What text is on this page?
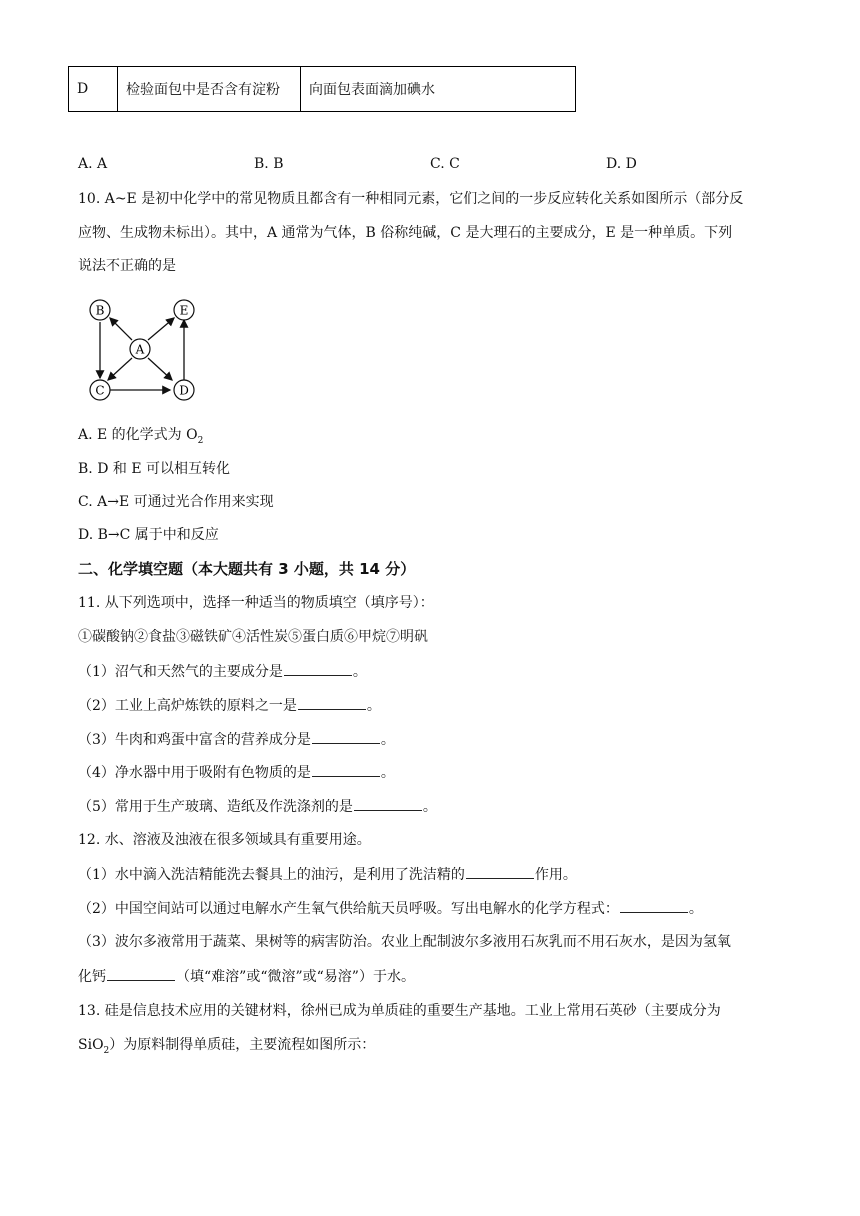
D	检验面包中是否含有淀粉	向面包表面滴加碘水
A. A	B. B	C. C	D. D
10. A~E 是初中化学中的常见物质且都含有一种相同元素，它们之间的一步反应转化关系如图所示（部分反
应物、生成物未标出）。其中，A 通常为气体，B 俗称纯碱，C 是大理石的主要成分，E 是一种单质。下列
说法不正确的是
B	E
A
C	D
A. E 的化学式为 $O_2$
B. D 和 E 可以相互转化
C. A→E 可通过光合作用来实现
D. B→C 属于中和反应
二、化学填空题（本大题共有 3 小题，共 14 分）
11. 从下列选项中，选择一种适当的物质填空（填序号）：
①碳酸钠②食盐③磁铁矿④活性炭⑤蛋白质⑥甲烷⑦明矾
（1）沼气和天然气的主要成分是	。
（2）工业上高炉炼铁的原料之一是	。
（3）牛肉和鸡蛋中富含的营养成分是	。
（4）净水器中用于吸附有色物质的是	。
（5）常用于生产玻璃、造纸及作洗涤剂的是	。
12. 水、溶液及浊液在很多领域具有重要用途。
（1）水中滴入洗洁精能洗去餐具上的油污，是利用了洗洁精的	作用。
（2）中国空间站可以通过电解水产生氧气供给航天员呼吸。写出电解水的化学方程式：	。
（3）波尔多液常用于蔬菜、果树等的病害防治。农业上配制波尔多液用石灰乳而不用石灰水，是因为氢氧
化钙	（填“难溶”或“微溶”或“易溶”）于水。
13. 硅是信息技术应用的关键材料，徐州已成为单质硅的重要生产基地。工业上常用石英砂（主要成分为
SiO$_2$）为原料制得单质硅，主要流程如图所示：
